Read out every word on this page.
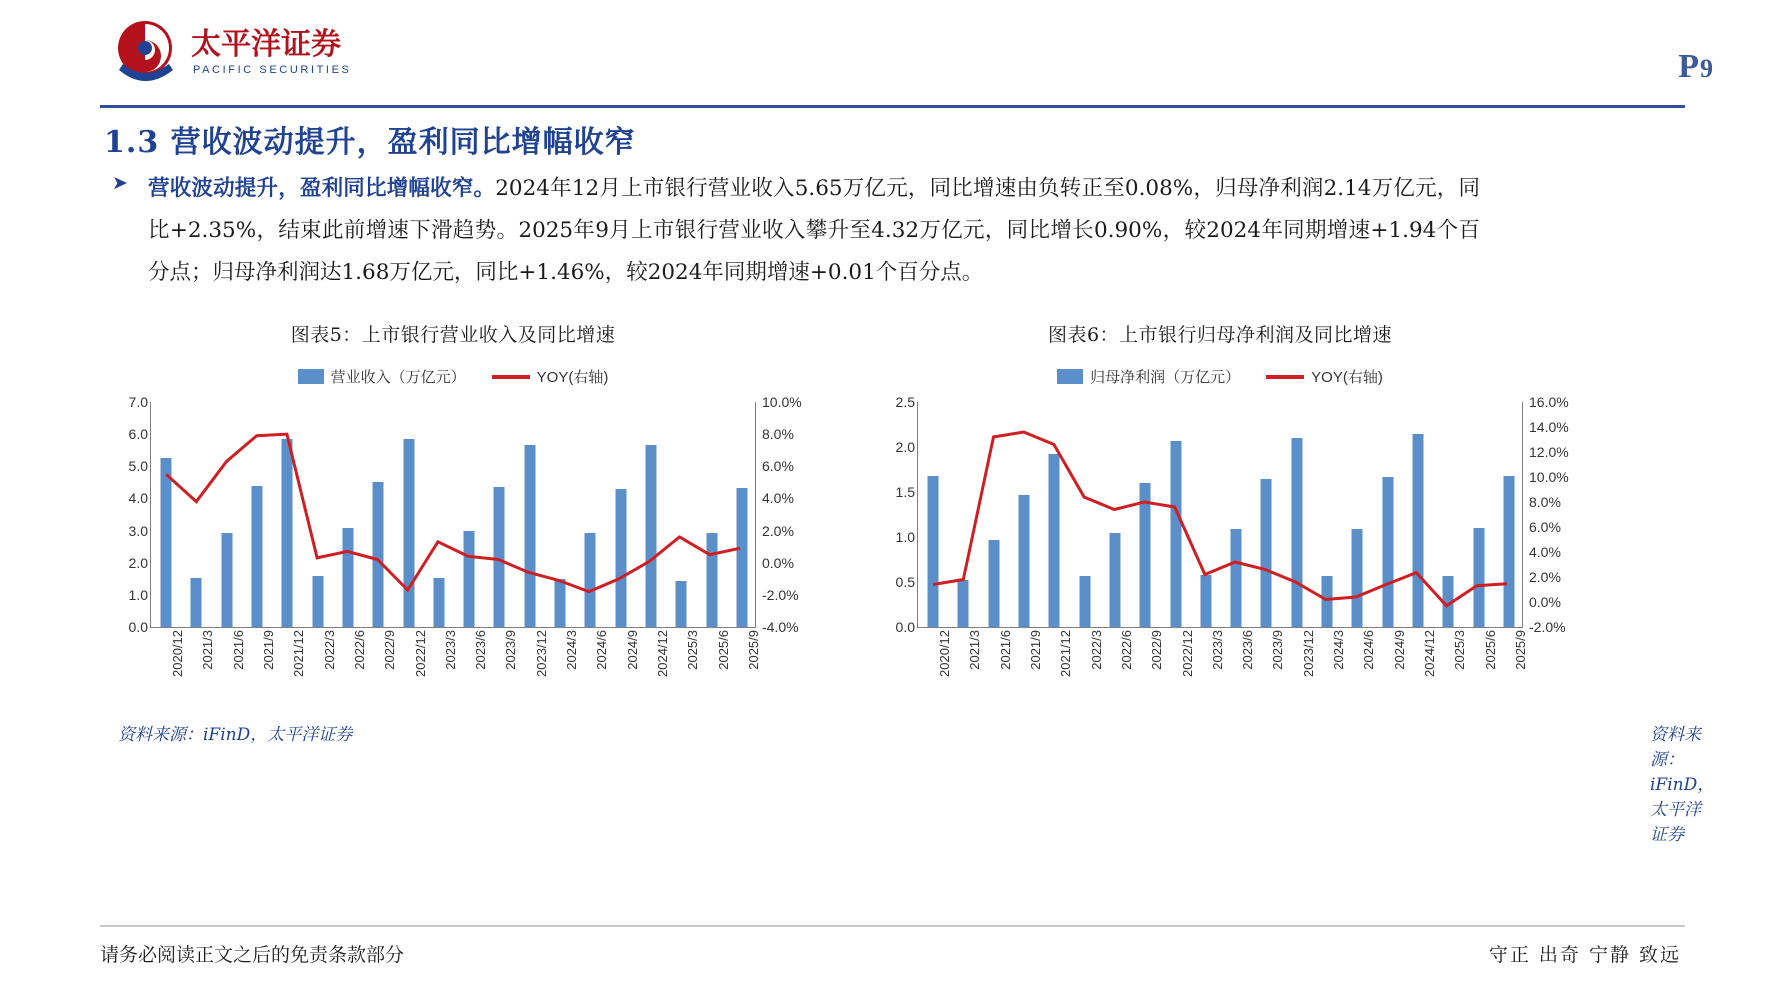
太平洋证券
PACIFIC SECURITIES	P9
1.3 营收波动提升，盈利同比增幅收窄
➤ 营收波动提升，盈利同比增幅收窄。2024年12月上市银行营业收入5.65万亿元，同比增速由负转正至0.08%，归母净利润2.14万亿元，同比+2.35%，结束此前增速下滑趋势。2025年9月上市银行营业收入攀升至4.32万亿元，同比增长0.90%，较2024年同期增速+1.94个百分点；归母净利润达1.68万亿元，同比+1.46%，较2024年同期增速+0.01个百分点。
图表5：上市银行营业收入及同比增速
营业收入（万亿元）	YOY(右轴)
0.0
1.0
2.0
3.0
4.0
5.0
6.0
7.0
-4.0%
-2.0%
0.0%
2.0%
4.0%
6.0%
8.0%
10.0%
2020/12 2021/3 2021/6 2021/9 2021/12 2022/3 2022/6 2022/9 2022/12 2023/3 2023/6 2023/9 2023/12 2024/3 2024/6 2024/9 2024/12 2025/3 2025/6 2025/9
资料来源：iFinD，太平洋证券
图表6：上市银行归母净利润及同比增速
归母净利润（万亿元）	YOY(右轴)
0.0
0.5
1.0
1.5
2.0
2.5
-2.0%
0.0%
2.0%
4.0%
6.0%
8.0%
10.0%
12.0%
14.0%
16.0%
2020/12 2021/3 2021/6 2021/9 2021/12 2022/3 2022/6 2022/9 2022/12 2023/3 2023/6 2023/9 2023/12 2024/3 2024/6 2024/9 2024/12 2025/3 2025/6 2025/9
资料来源：iFinD，太平洋证券
请务必阅读正文之后的免责条款部分	守正 出奇 宁静 致远
